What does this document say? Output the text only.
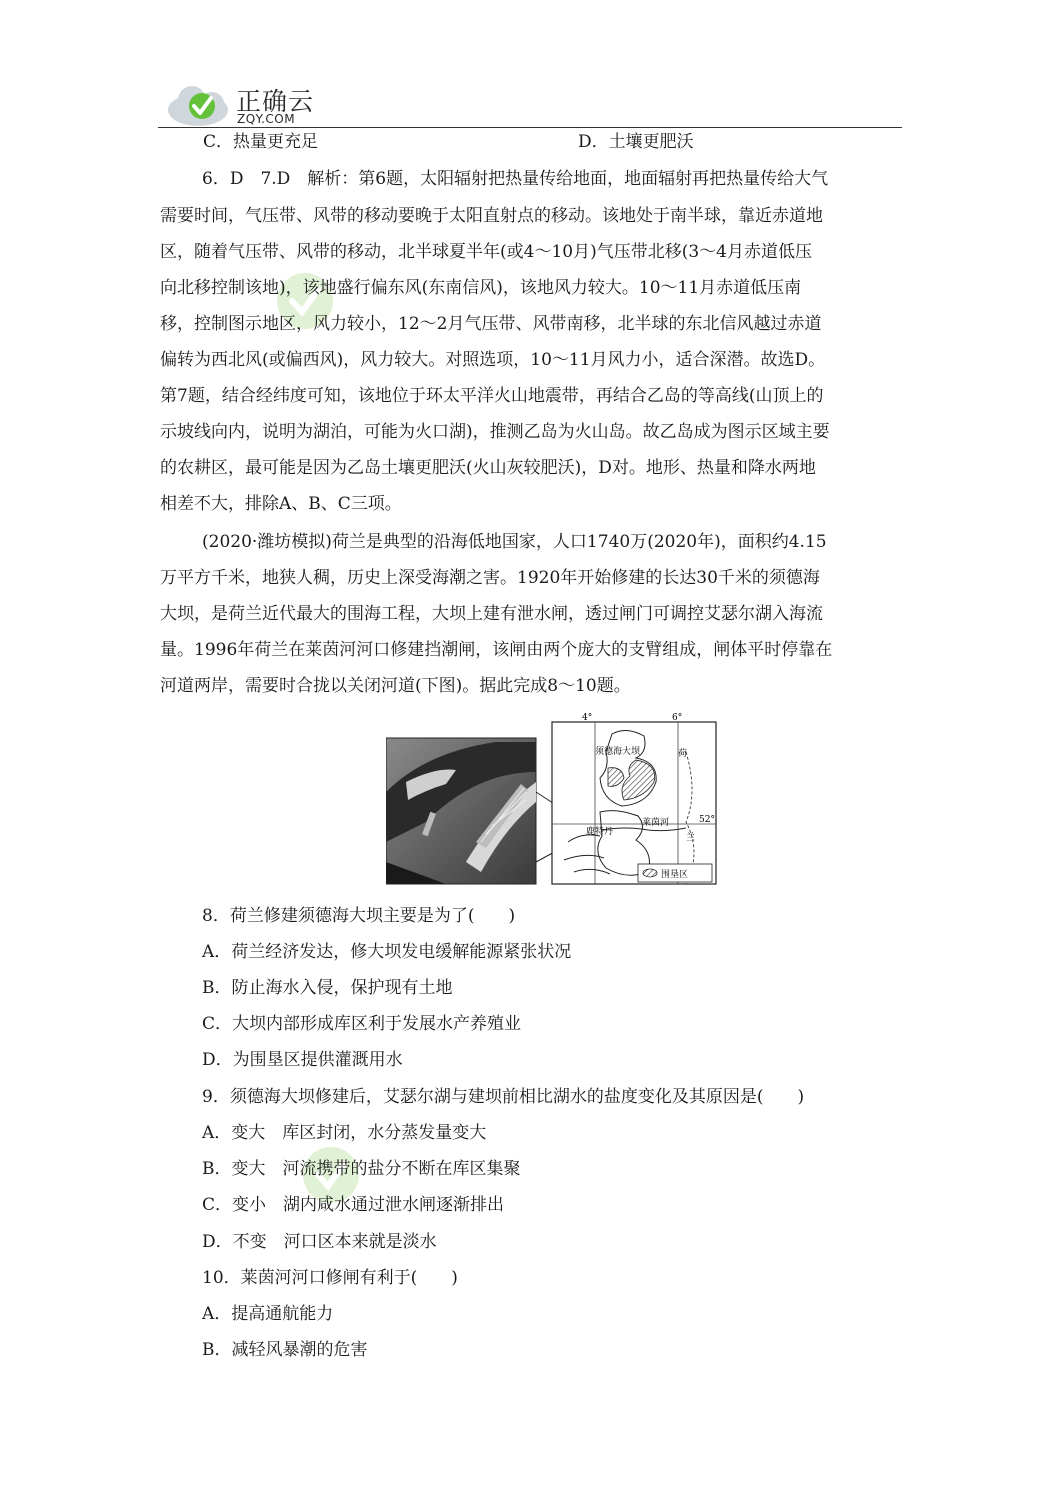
正确云
ZQY.COM
C．热量更充足	D．土壤更肥沃
6．D　7.D　解析：第6题，太阳辐射把热量传给地面，地面辐射再把热量传给大气
需要时间，气压带、风带的移动要晚于太阳直射点的移动。该地处于南半球，靠近赤道地
区，随着气压带、风带的移动，北半球夏半年(或4～10月)气压带北移(3～4月赤道低压
向北移控制该地)，该地盛行偏东风(东南信风)，该地风力较大。10～11月赤道低压南
移，控制图示地区，风力较小，12～2月气压带、风带南移，北半球的东北信风越过赤道
偏转为西北风(或偏西风)，风力较大。对照选项，10～11月风力小，适合深潜。故选D。
第7题，结合经纬度可知，该地位于环太平洋火山地震带，再结合乙岛的等高线(山顶上的
示坡线向内，说明为湖泊，可能为火口湖)，推测乙岛为火山岛。故乙岛成为图示区域主要
的农耕区，最可能是因为乙岛土壤更肥沃(火山灰较肥沃)，D对。地形、热量和降水两地
相差不大，排除A、B、C三项。
(2020·潍坊模拟)荷兰是典型的沿海低地国家，人口1740万(2020年)，面积约4.15
万平方千米，地狭人稠，历史上深受海潮之害。1920年开始修建的长达30千米的须德海
大坝，是荷兰近代最大的围海工程，大坝上建有泄水闸，透过闸门可调控艾瑟尔湖入海流
量。1996年荷兰在莱茵河河口修建挡潮闸，该闸由两个庞大的支臂组成，闸体平时停靠在
河道两岸，需要时合拢以关闭河道(下图)。据此完成8～10题。
4°	6°
52°
须德海大坝	荷
兰
莱茵河
鹿特丹
围垦区
8．荷兰修建须德海大坝主要是为了(　　)
A．荷兰经济发达，修大坝发电缓解能源紧张状况
B．防止海水入侵，保护现有土地
C．大坝内部形成库区利于发展水产养殖业
D．为围垦区提供灌溉用水
9．须德海大坝修建后，艾瑟尔湖与建坝前相比湖水的盐度变化及其原因是(　　)
A．变大　库区封闭，水分蒸发量变大
B．变大　河流携带的盐分不断在库区集聚
C．变小　湖内咸水通过泄水闸逐渐排出
D．不变　河口区本来就是淡水
10．莱茵河河口修闸有利于(　　)
A．提高通航能力
B．减轻风暴潮的危害
